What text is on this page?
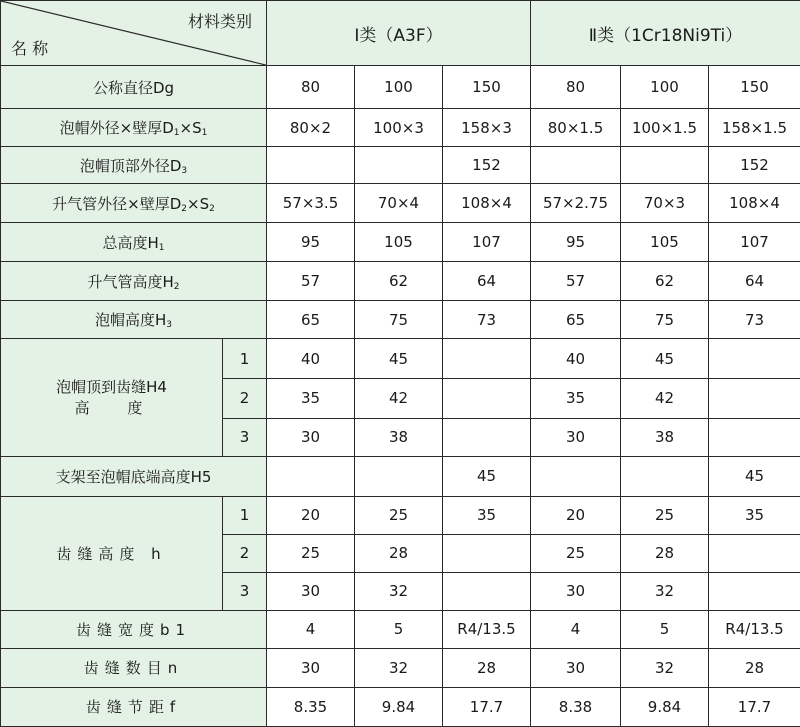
材料类别
名 称		Ⅰ类（A3F）			Ⅱ类（1Cr18Ni9Ti）		
公称直径Dg		80	100	150	80	100	150
泡帽外径×壁厚$D_1\times S_1$		80×2	100×3	158×3	80×1.5	100×1.5	158×1.5
泡帽顶部外径$D_3$				152			152
升气管外径×壁厚$D_2\times S_2$		57×3.5	70×4	108×4	57×2.75	70×3	108×4
总高度$H_1$		95	105	107	95	105	107
升气管高度$H_2$		57	62	64	57	62	64
泡帽高度$H_3$		65	75	73	65	75	73

泡帽顶到齿缝H4
高　 度	1	40	45		40	45	
	2	35	42		35	42	
	3	30	38		30	38	
支架至泡帽底端高度H5				45			45
齿缝高度 h	1	20	25	35	20	25	35
	2	25	28		25	28	
	3	30	32		30	32	
齿缝宽度b1		4	5	R4/13.5	4	5	R4/13.5
齿缝数目n		30	32	28	30	32	28
齿缝节距f		8.35	9.84	17.7	8.38	9.84	17.7
